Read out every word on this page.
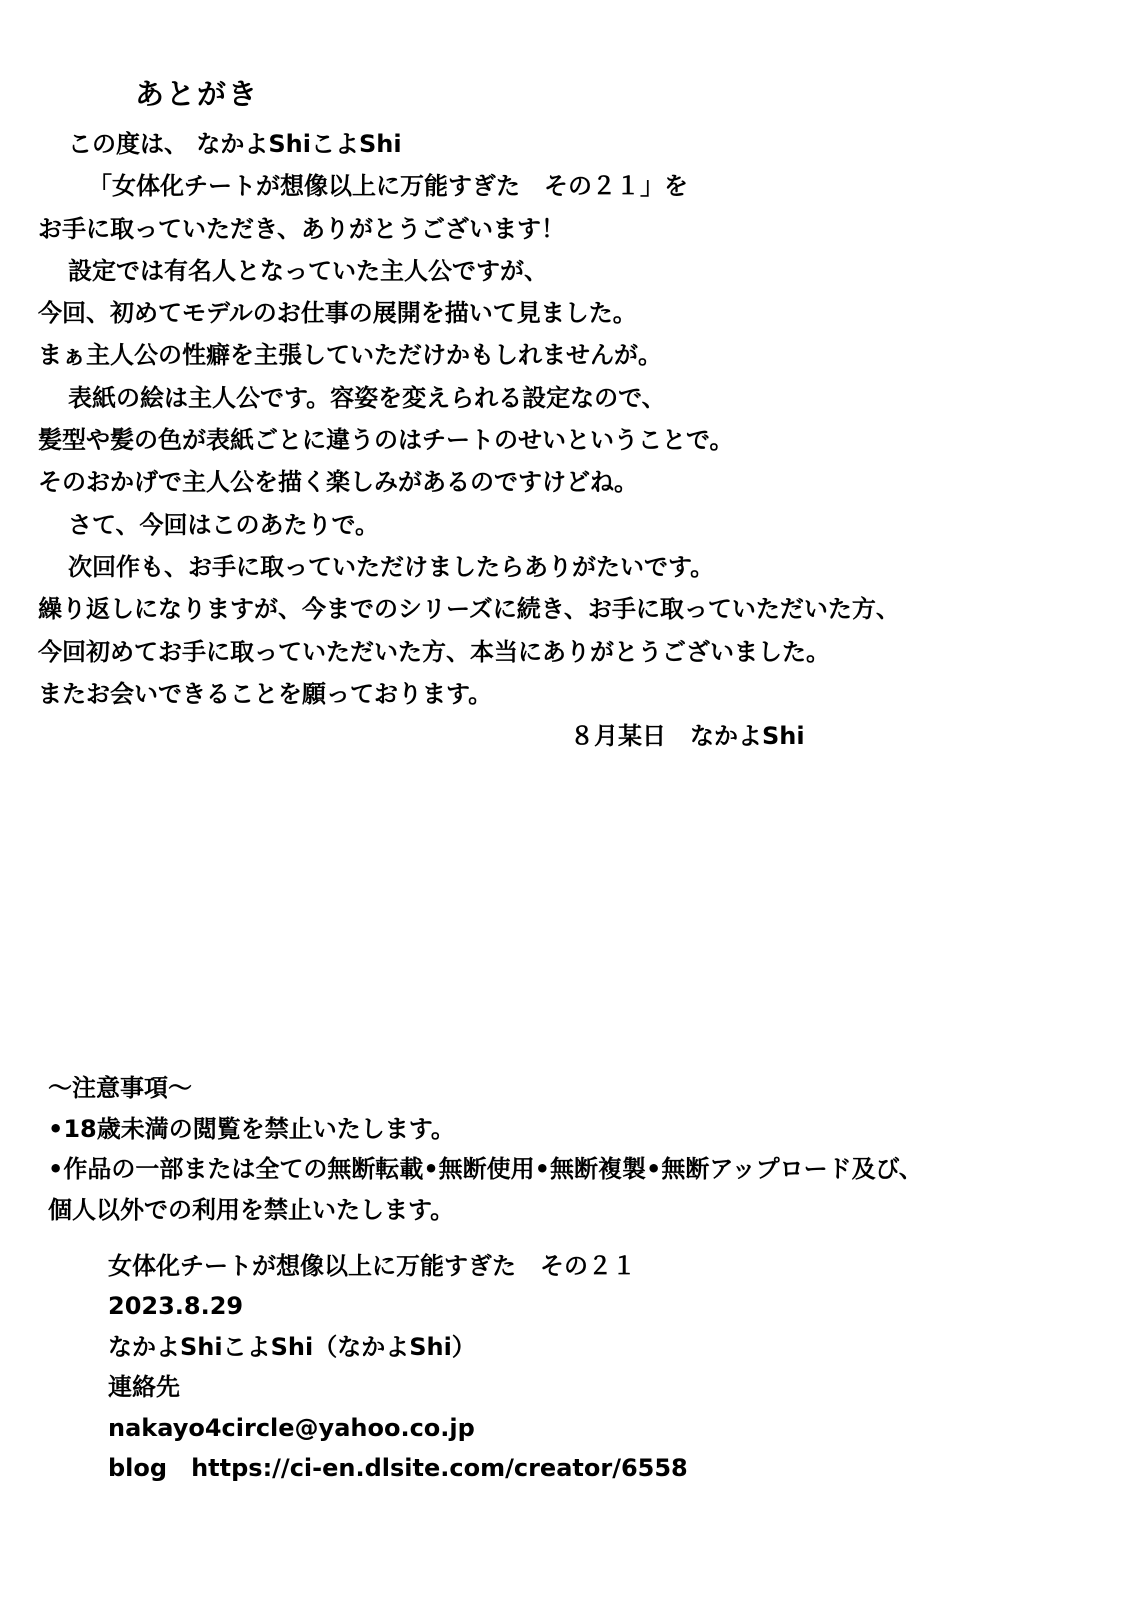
あとがき
この度は、 なかよShiこよShi
「女体化チートが想像以上に万能すぎた　その２１」を
お手に取っていただき、ありがとうございます！
設定では有名人となっていた主人公ですが、
今回、初めてモデルのお仕事の展開を描いて見ました。
まぁ主人公の性癖を主張していただけかもしれませんが。
表紙の絵は主人公です。容姿を変えられる設定なので、
髪型や髪の色が表紙ごとに違うのはチートのせいということで。
そのおかげで主人公を描く楽しみがあるのですけどね。
さて、今回はこのあたりで。
次回作も、お手に取っていただけましたらありがたいです。
繰り返しになりますが、今までのシリーズに続き、お手に取っていただいた方、
今回初めてお手に取っていただいた方、本当にありがとうございました。
またお会いできることを願っております。
８月某日　なかよShi
〜注意事項〜
•18歳未満の閲覧を禁止いたします。
•作品の一部または全ての無断転載•無断使用•無断複製•無断アップロード及び、
個人以外での利用を禁止いたします。
女体化チートが想像以上に万能すぎた　その２１
2023.8.29
なかよShiこよShi（なかよShi）
連絡先
nakayo4circle@yahoo.co.jp
blog　https://ci-en.dlsite.com/creator/6558
